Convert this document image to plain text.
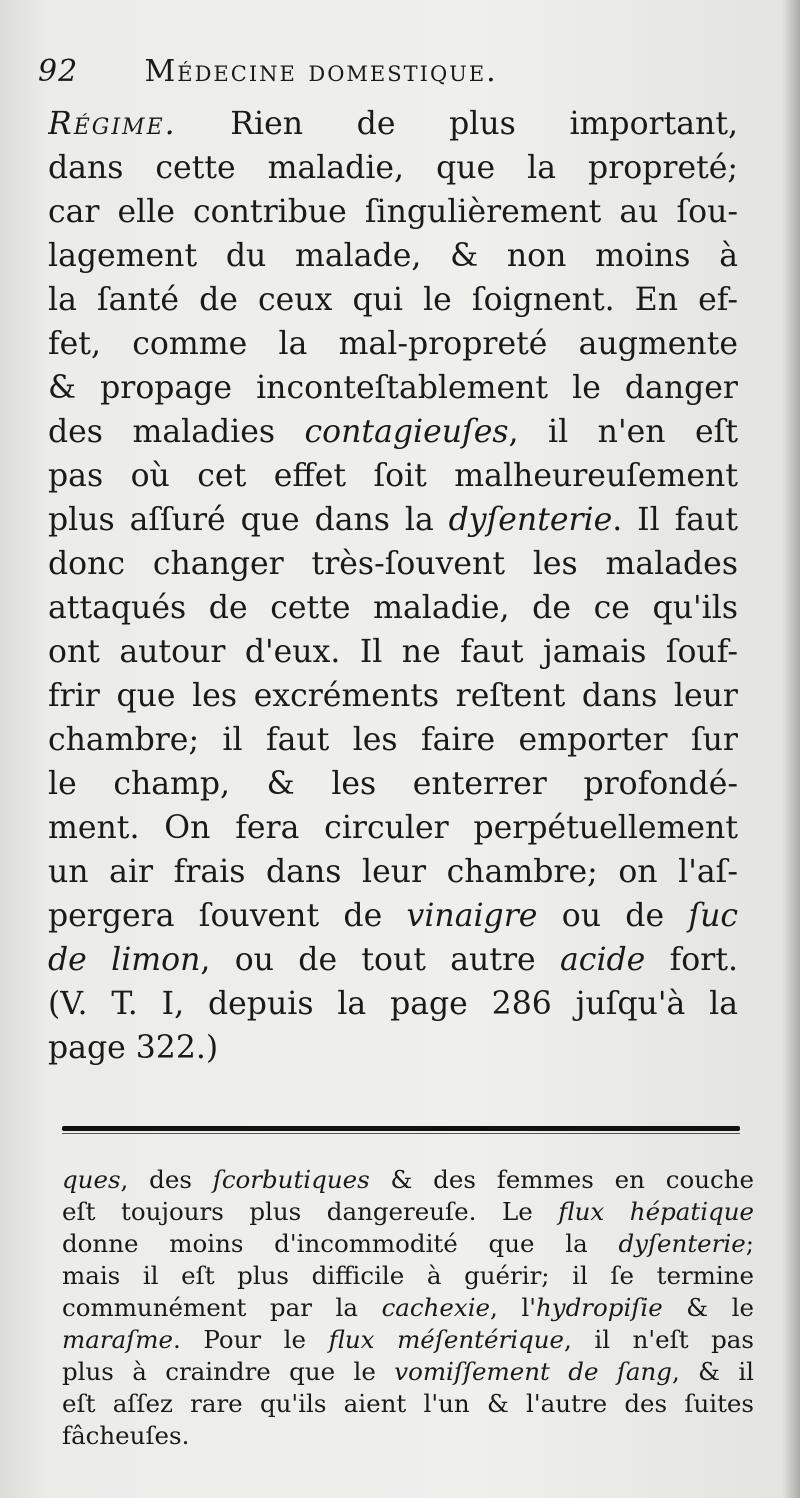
92 Médecine domestique.
Régime. Rien de plus important,
dans cette maladie, que la propreté;
car elle contribue ſingulièrement au ſou-
lagement du malade, & non moins à
la ſanté de ceux qui le ſoignent. En ef-
fet, comme la mal-propreté augmente
& propage inconteſtablement le danger
des maladies contagieuſes, il n'en eſt
pas où cet effet ſoit malheureuſement
plus aſſuré que dans la dyſenterie. Il faut
donc changer très-ſouvent les malades
attaqués de cette maladie, de ce qu'ils
ont autour d'eux. Il ne faut jamais ſouf-
frir que les excréments reſtent dans leur
chambre; il faut les faire emporter ſur
le champ, & les enterrer profondé-
ment. On fera circuler perpétuellement
un air frais dans leur chambre; on l'aſ-
pergera ſouvent de vinaigre ou de ſuc
de limon, ou de tout autre acide fort.
(V. T. I, depuis la page 286 juſqu'à la
page 322.)
ques, des ſcorbutiques & des femmes en couche
eſt toujours plus dangereuſe. Le flux hépatique
donne moins d'incommodité que la dyſenterie;
mais il eſt plus difficile à guérir; il ſe termine
communément par la cachexie, l'hydropiſie & le
maraſme. Pour le flux méſentérique, il n'eſt pas
plus à craindre que le vomiſſement de ſang, & il
eſt aſſez rare qu'ils aient l'un & l'autre des ſuites
fâcheuſes.
